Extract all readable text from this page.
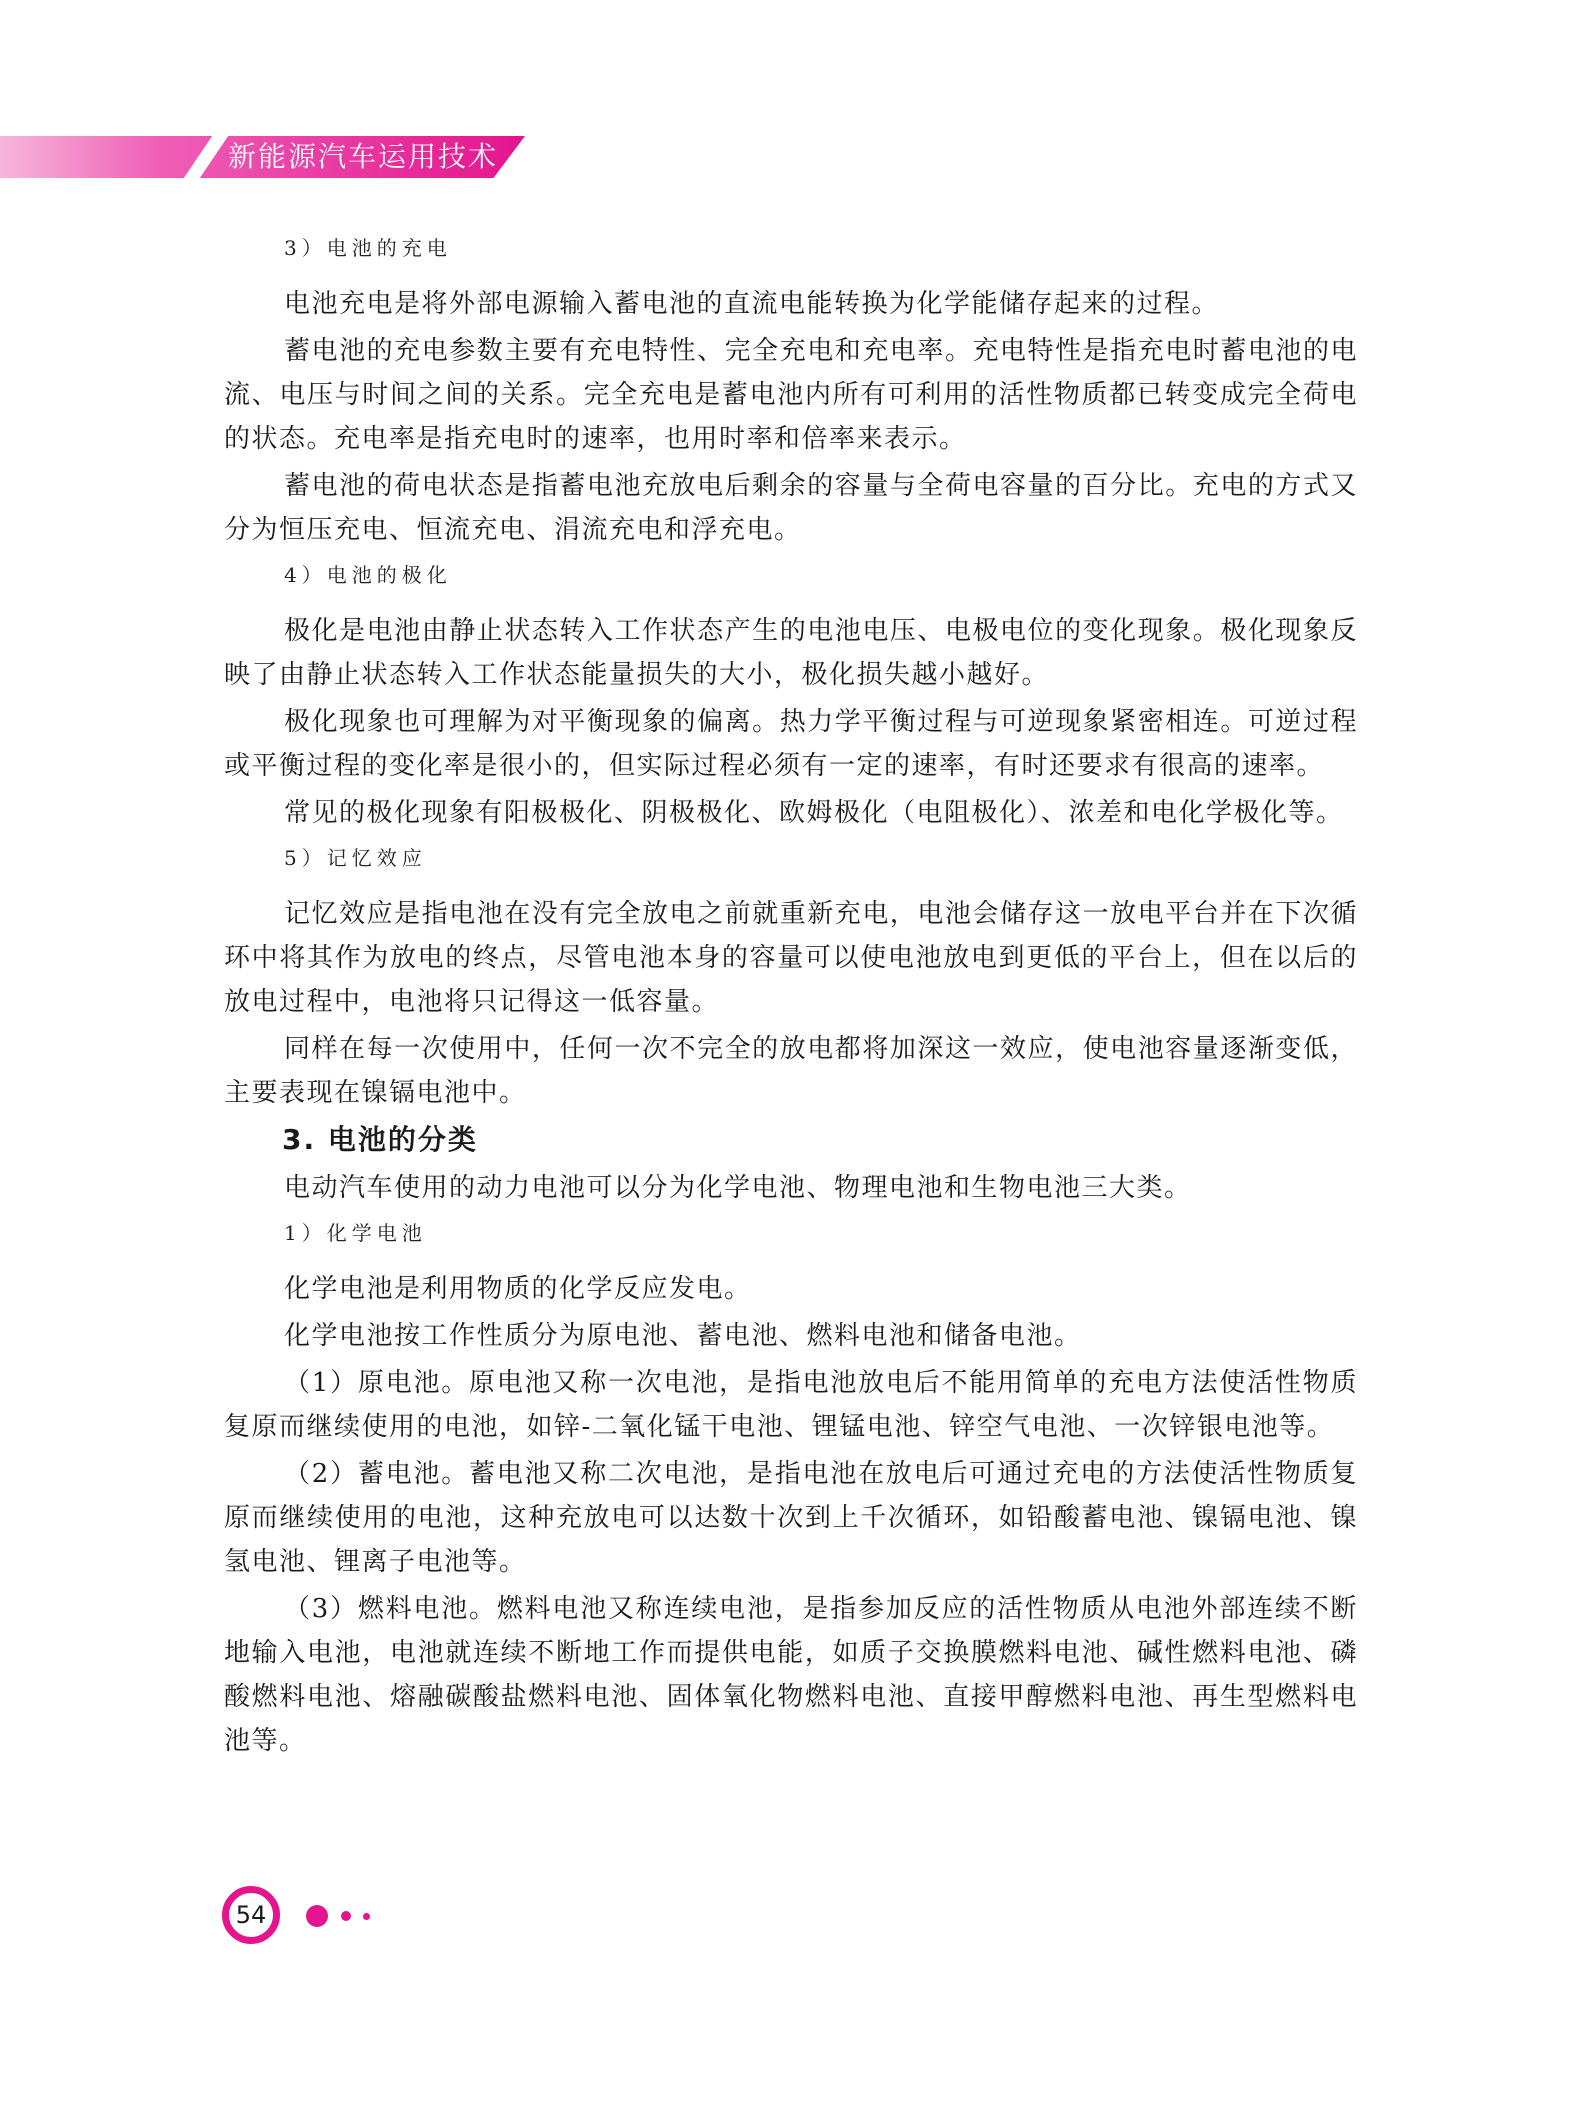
新能源汽车运用技术
3）电池的充电
电池充电是将外部电源输入蓄电池的直流电能转换为化学能储存起来的过程。
蓄电池的充电参数主要有充电特性、完全充电和充电率。充电特性是指充电时蓄电池的电流、电压与时间之间的关系。完全充电是蓄电池内所有可利用的活性物质都已转变成完全荷电的状态。充电率是指充电时的速率，也用时率和倍率来表示。
蓄电池的荷电状态是指蓄电池充放电后剩余的容量与全荷电容量的百分比。充电的方式又分为恒压充电、恒流充电、涓流充电和浮充电。
4）电池的极化
极化是电池由静止状态转入工作状态产生的电池电压、电极电位的变化现象。极化现象反映了由静止状态转入工作状态能量损失的大小，极化损失越小越好。
极化现象也可理解为对平衡现象的偏离。热力学平衡过程与可逆现象紧密相连。可逆过程或平衡过程的变化率是很小的，但实际过程必须有一定的速率，有时还要求有很高的速率。
常见的极化现象有阳极极化、阴极极化、欧姆极化（电阻极化）、浓差和电化学极化等。
5）记忆效应
记忆效应是指电池在没有完全放电之前就重新充电，电池会储存这一放电平台并在下次循环中将其作为放电的终点，尽管电池本身的容量可以使电池放电到更低的平台上，但在以后的放电过程中，电池将只记得这一低容量。
同样在每一次使用中，任何一次不完全的放电都将加深这一效应，使电池容量逐渐变低，主要表现在镍镉电池中。
3. 电池的分类
电动汽车使用的动力电池可以分为化学电池、物理电池和生物电池三大类。
1）化学电池
化学电池是利用物质的化学反应发电。
化学电池按工作性质分为原电池、蓄电池、燃料电池和储备电池。
（1）原电池。原电池又称一次电池，是指电池放电后不能用简单的充电方法使活性物质复原而继续使用的电池，如锌-二氧化锰干电池、锂锰电池、锌空气电池、一次锌银电池等。
（2）蓄电池。蓄电池又称二次电池，是指电池在放电后可通过充电的方法使活性物质复原而继续使用的电池，这种充放电可以达数十次到上千次循环，如铅酸蓄电池、镍镉电池、镍氢电池、锂离子电池等。
（3）燃料电池。燃料电池又称连续电池，是指参加反应的活性物质从电池外部连续不断地输入电池，电池就连续不断地工作而提供电能，如质子交换膜燃料电池、碱性燃料电池、磷酸燃料电池、熔融碳酸盐燃料电池、固体氧化物燃料电池、直接甲醇燃料电池、再生型燃料电池等。
54
